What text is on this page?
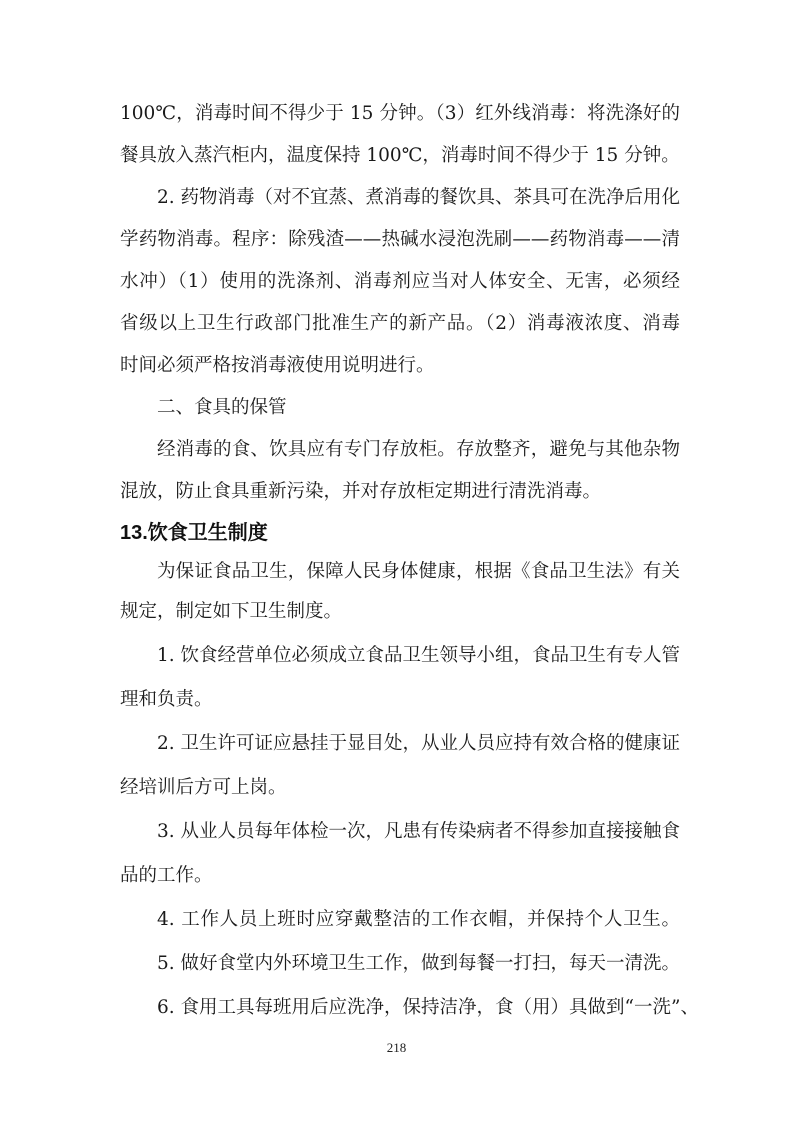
100℃，消毒时间不得少于 15 分钟。（3）红外线消毒：将洗涤好的
餐具放入蒸汽柜内，温度保持 100℃，消毒时间不得少于 15 分钟。
2. 药物消毒（对不宜蒸、煮消毒的餐饮具、茶具可在洗净后用化
学药物消毒。程序：除残渣——热碱水浸泡洗刷——药物消毒——清
水冲）（1）使用的洗涤剂、消毒剂应当对人体安全、无害，必须经
省级以上卫生行政部门批准生产的新产品。（2）消毒液浓度、消毒
时间必须严格按消毒液使用说明进行。
二、食具的保管
经消毒的食、饮具应有专门存放柜。存放整齐，避免与其他杂物
混放，防止食具重新污染，并对存放柜定期进行清洗消毒。
13.饮食卫生制度
为保证食品卫生，保障人民身体健康，根据《食品卫生法》有关
规定，制定如下卫生制度。
1. 饮食经营单位必须成立食品卫生领导小组，食品卫生有专人管
理和负责。
2. 卫生许可证应悬挂于显目处，从业人员应持有效合格的健康证
经培训后方可上岗。
3. 从业人员每年体检一次，凡患有传染病者不得参加直接接触食
品的工作。
4. 工作人员上班时应穿戴整洁的工作衣帽，并保持个人卫生。
5. 做好食堂内外环境卫生工作，做到每餐一打扫，每天一清洗。
6. 食用工具每班用后应洗净，保持洁净，食（用）具做到“一洗”、
218
